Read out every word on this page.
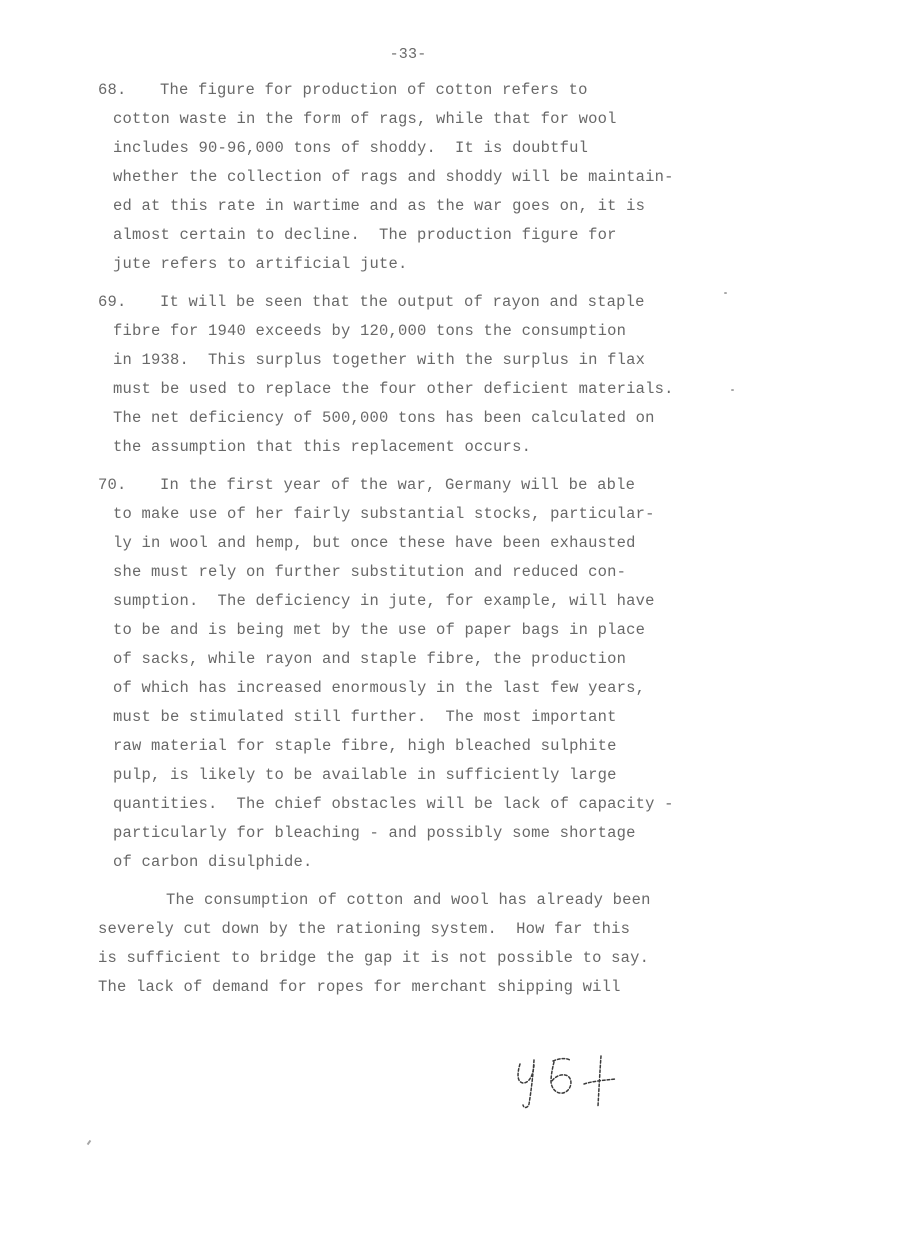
-33-
68.	The figure for production of cotton refers to
cotton waste in the form of rags, while that for wool
includes 90-96,000 tons of shoddy.  It is doubtful
whether the collection of rags and shoddy will be maintain-
ed at this rate in wartime and as the war goes on, it is
almost certain to decline.  The production figure for
jute refers to artificial jute.
69.	It will be seen that the output of rayon and staple
fibre for 1940 exceeds by 120,000 tons the consumption
in 1938.  This surplus together with the surplus in flax
must be used to replace the four other deficient materials.
The net deficiency of 500,000 tons has been calculated on
the assumption that this replacement occurs.
70.	In the first year of the war, Germany will be able
to make use of her fairly substantial stocks, particular-
ly in wool and hemp, but once these have been exhausted
she must rely on further substitution and reduced con-
sumption.  The deficiency in jute, for example, will have
to be and is being met by the use of paper bags in place
of sacks, while rayon and staple fibre, the production
of which has increased enormously in the last few years,
must be stimulated still further.  The most important
raw material for staple fibre, high bleached sulphite
pulp, is likely to be available in sufficiently large
quantities.  The chief obstacles will be lack of capacity -
particularly for bleaching - and possibly some shortage
of carbon disulphide.
The consumption of cotton and wool has already been
severely cut down by the rationing system.  How far this
is sufficient to bridge the gap it is not possible to say.
The lack of demand for ropes for merchant shipping will
